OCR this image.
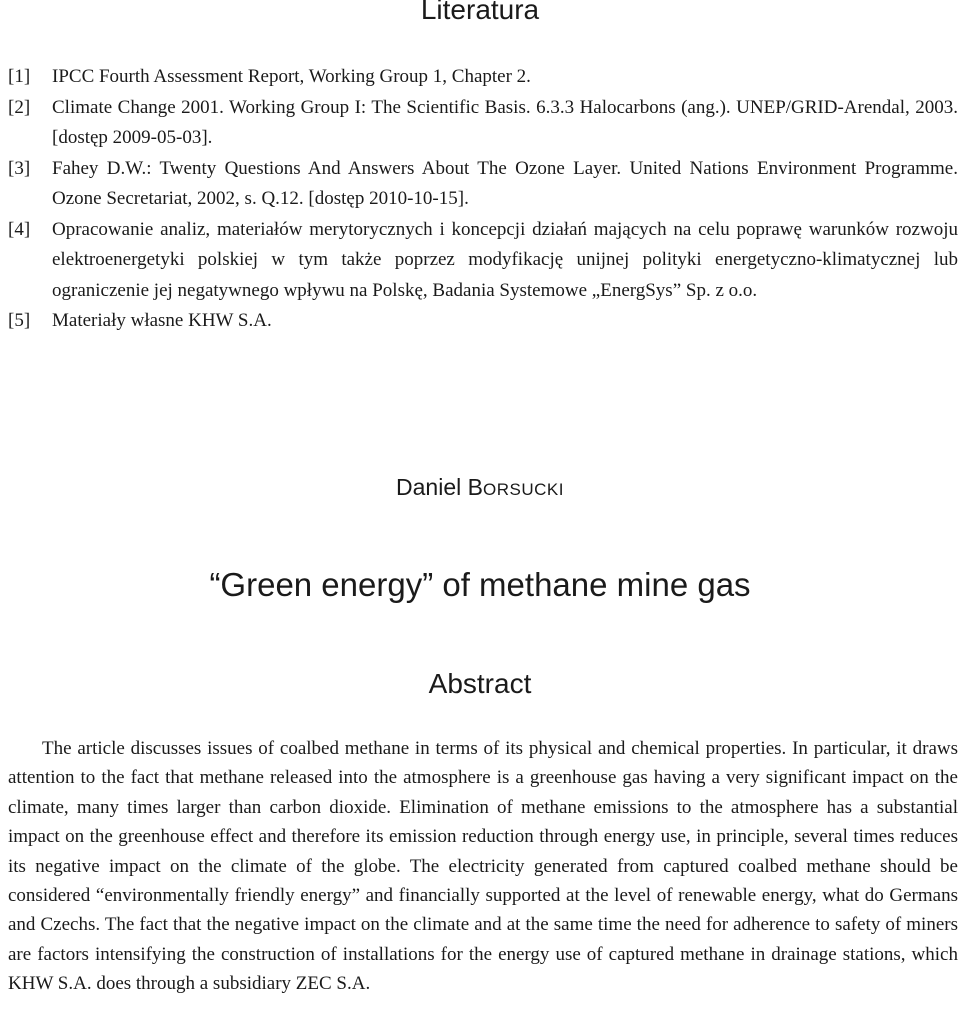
Literatura
[1]	IPCC Fourth Assessment Report, Working Group 1, Chapter 2.
[2]	Climate Change 2001. Working Group I: The Scientific Basis. 6.3.3 Halocarbons (ang.). UNEP/GRID-Arendal, 2003. [dostęp 2009-05-03].
[3]	Fahey D.W.: Twenty Questions And Answers About The Ozone Layer. United Nations Environment Programme. Ozone Secretariat, 2002, s. Q.12. [dostęp 2010-10-15].
[4]	Opracowanie analiz, materiałów merytorycznych i koncepcji działań mających na celu poprawę warunków rozwoju elektroenergetyki polskiej w tym także poprzez modyfikację unijnej polityki energetyczno-klimatycznej lub ograniczenie jej negatywnego wpływu na Polskę, Badania Systemowe „EnergSys” Sp. z o.o.
[5]	Materiały własne KHW S.A.

Daniel BORSUCKI

“Green energy” of methane mine gas
Abstract

The article discusses issues of coalbed methane in terms of its physical and chemical properties. In particular, it draws attention to the fact that methane released into the atmosphere is a greenhouse gas having a very significant impact on the climate, many times larger than carbon dioxide. Elimination of methane emissions to the atmosphere has a substantial impact on the greenhouse effect and therefore its emission reduction through energy use, in principle, several times reduces its negative impact on the climate of the globe. The electricity generated from captured coalbed methane should be considered “environmentally friendly energy” and financially supported at the level of renewable energy, what do Germans and Czechs. The fact that the negative impact on the climate and at the same time the need for adherence to safety of miners are factors intensifying the construction of installations for the energy use of captured methane in drainage stations, which KHW S.A. does through a subsidiary ZEC S.A.
